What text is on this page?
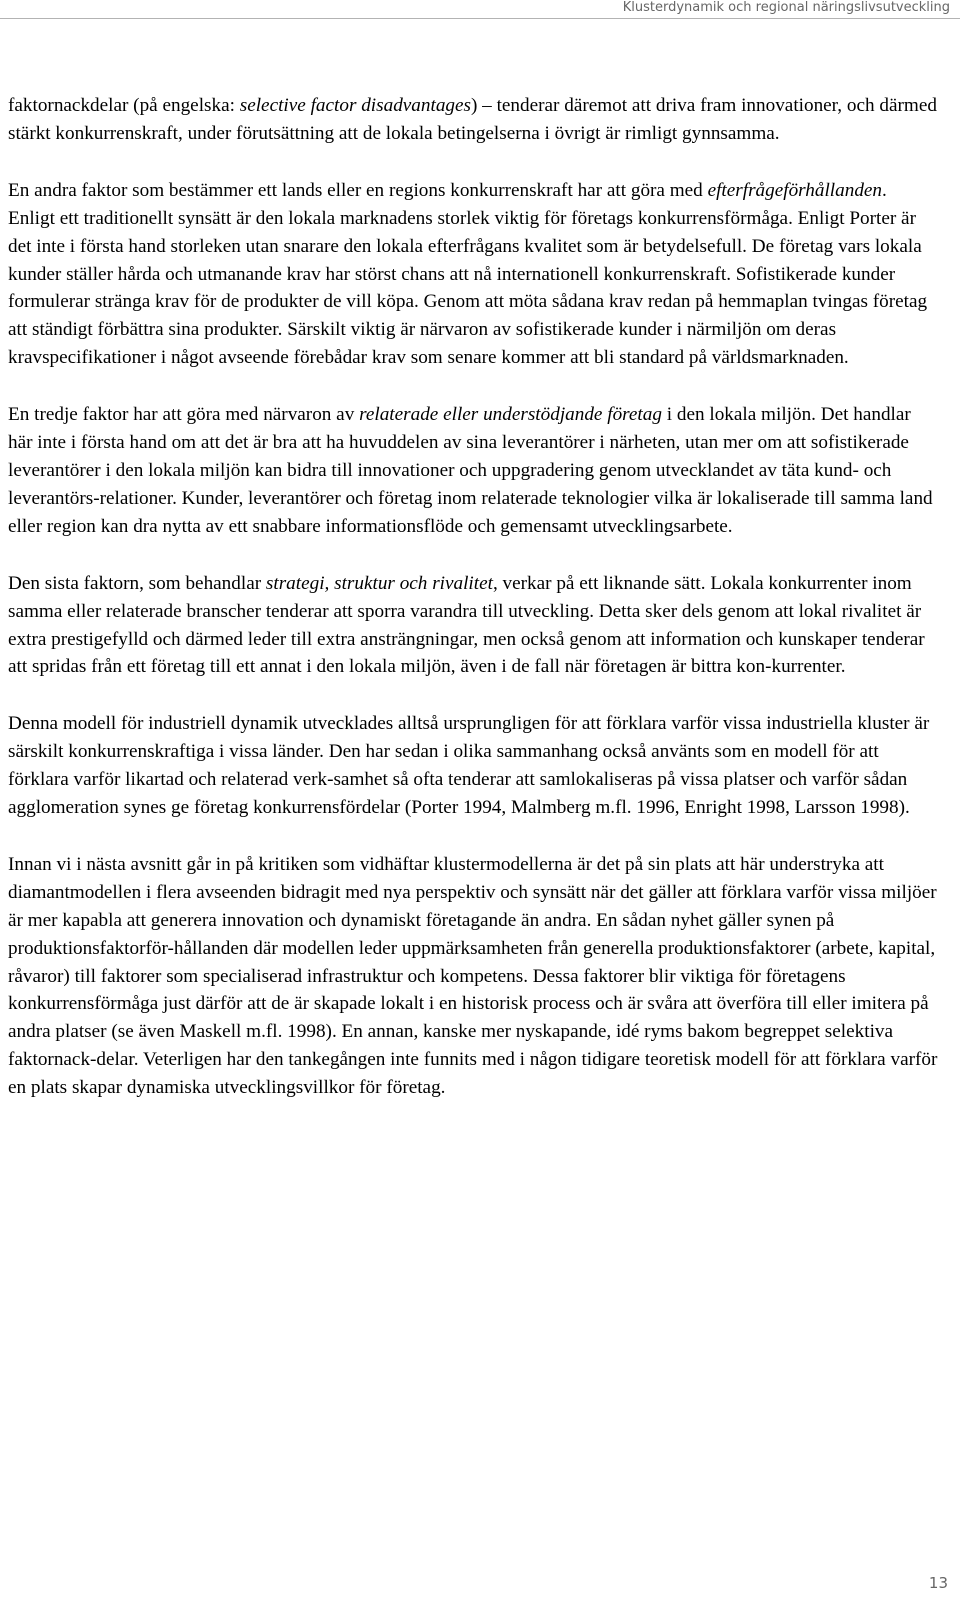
Klusterdynamik och regional näringslivsutveckling

faktornackdelar (på engelska: selective factor disadvantages) – tenderar däremot att driva fram innovationer, och därmed stärkt konkurrenskraft, under förutsättning att de lokala betingelserna i övrigt är rimligt gynnsamma.

En andra faktor som bestämmer ett lands eller en regions konkurrenskraft har att göra med efterfrågeförhållanden. Enligt ett traditionellt synsätt är den lokala marknadens storlek viktig för företags konkurrensförmåga. Enligt Porter är det inte i första hand storleken utan snarare den lokala efterfrågans kvalitet som är betydelsefull. De företag vars lokala kunder ställer hårda och utmanande krav har störst chans att nå internationell konkurrenskraft. Sofistikerade kunder formulerar stränga krav för de produkter de vill köpa. Genom att möta sådana krav redan på hemmaplan tvingas företag att ständigt förbättra sina produkter. Särskilt viktig är närvaron av sofistikerade kunder i närmiljön om deras kravspecifikationer i något avseende förebådar krav som senare kommer att bli standard på världsmarknaden.

En tredje faktor har att göra med närvaron av relaterade eller understödjande företag i den lokala miljön. Det handlar här inte i första hand om att det är bra att ha huvuddelen av sina leverantörer i närheten, utan mer om att sofistikerade leverantörer i den lokala miljön kan bidra till innovationer och uppgradering genom utvecklandet av täta kund- och leverantörs-relationer. Kunder, leverantörer och företag inom relaterade teknologier vilka är lokaliserade till samma land eller region kan dra nytta av ett snabbare informationsflöde och gemensamt utvecklingsarbete.

Den sista faktorn, som behandlar strategi, struktur och rivalitet, verkar på ett liknande sätt. Lokala konkurrenter inom samma eller relaterade branscher tenderar att sporra varandra till utveckling. Detta sker dels genom att lokal rivalitet är extra prestigefylld och därmed leder till extra ansträngningar, men också genom att information och kunskaper tenderar att spridas från ett företag till ett annat i den lokala miljön, även i de fall när företagen är bittra kon-kurrenter.

Denna modell för industriell dynamik utvecklades alltså ursprungligen för att förklara varför vissa industriella kluster är särskilt konkurrenskraftiga i vissa länder. Den har sedan i olika sammanhang också använts som en modell för att förklara varför likartad och relaterad verk-samhet så ofta tenderar att samlokaliseras på vissa platser och varför sådan agglomeration synes ge företag konkurrensfördelar (Porter 1994, Malmberg m.fl. 1996, Enright 1998, Larsson 1998).

Innan vi i nästa avsnitt går in på kritiken som vidhäftar klustermodellerna är det på sin plats att här understryka att diamantmodellen i flera avseenden bidragit med nya perspektiv och synsätt när det gäller att förklara varför vissa miljöer är mer kapabla att generera innovation och dynamiskt företagande än andra. En sådan nyhet gäller synen på produktionsfaktorför-hållanden där modellen leder uppmärksamheten från generella produktionsfaktorer (arbete, kapital, råvaror) till faktorer som specialiserad infrastruktur och kompetens. Dessa faktorer blir viktiga för företagens konkurrensförmåga just därför att de är skapade lokalt i en historisk process och är svåra att överföra till eller imitera på andra platser (se även Maskell m.fl. 1998). En annan, kanske mer nyskapande, idé ryms bakom begreppet selektiva faktornack-delar. Veterligen har den tankegången inte funnits med i någon tidigare teoretisk modell för att förklara varför en plats skapar dynamiska utvecklingsvillkor för företag.

13
